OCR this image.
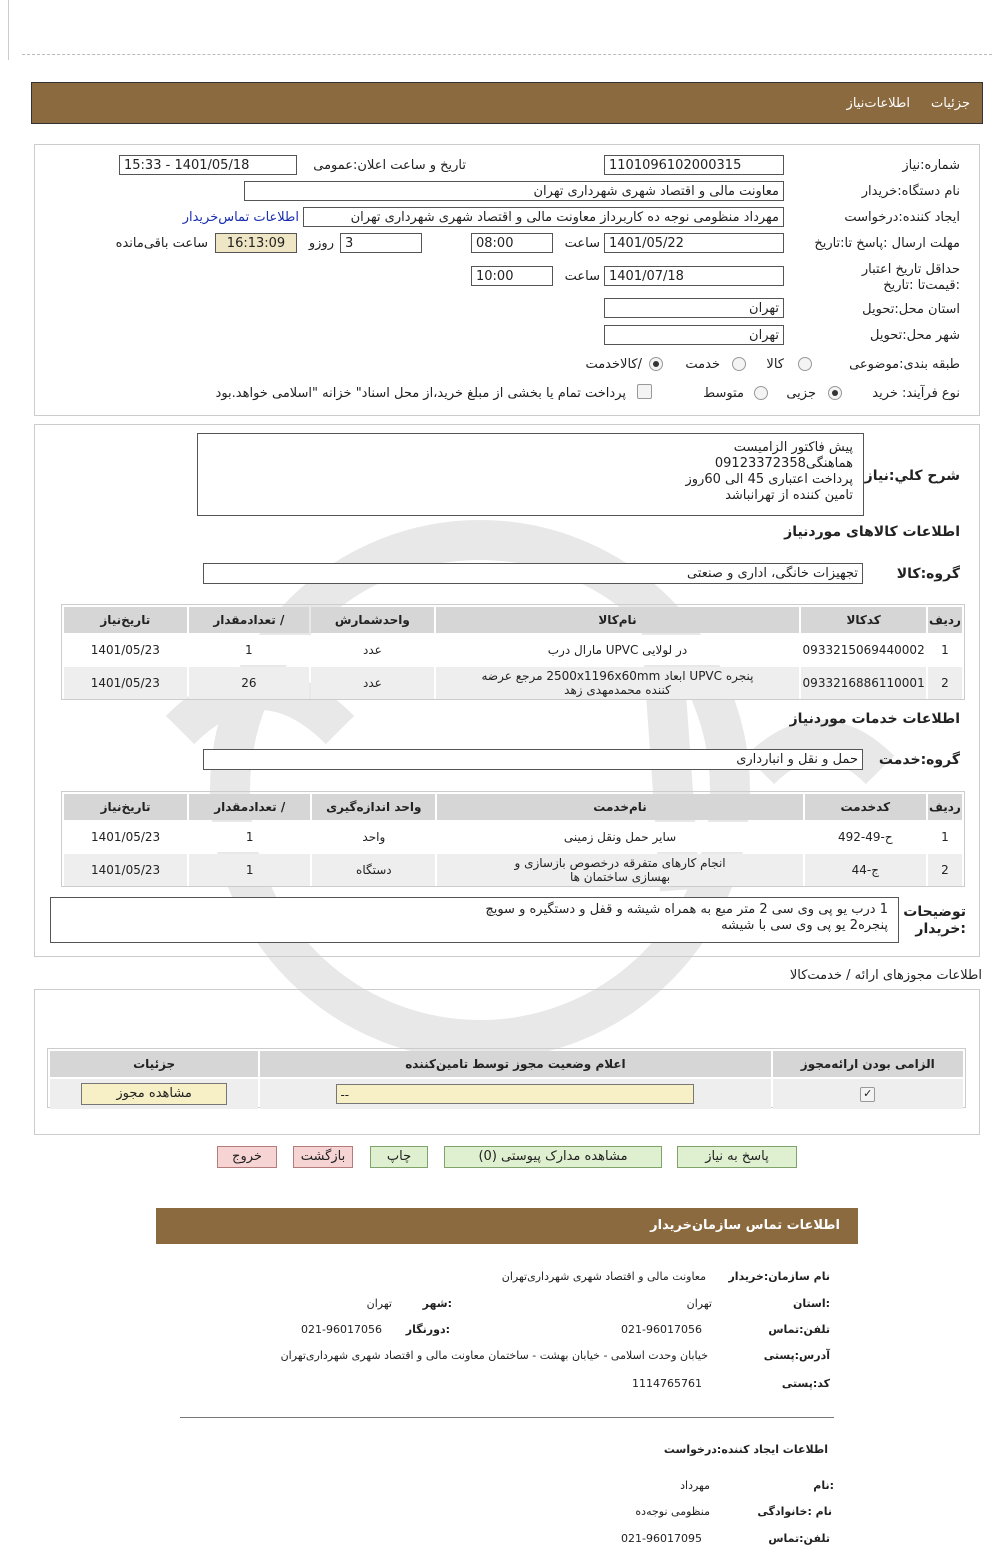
جزئیات
اطلاعات‌نیاز
شماره:نیاز
1101096102000315
تاریخ و ساعت اعلان:عمومی
1401/05/18 - 15:33
نام دستگاه:خریدار
معاونت مالی و اقتصاد شهری شهرداری تهران
ایجاد کننده:درخواست
مهرداد منظومی نوجه ده کاربرداز معاونت مالی و اقتصاد شهری شهرداری تهران
اطلاعات تماس‌خریدار
مهلت ارسال :پاسخ تا:تاریخ
1401/05/22
ساعت
08:00
3
روزو
16:13:09
ساعت باقی‌مانده
حداقل تاریخ اعتبار :قیمت‌تا :تاریخ
1401/07/18
ساعت
10:00
استان محل:تحویل
تهران
شهر محل:تحویل
تهران
طبقه بندی:موضوعی
کالا
خدمت
/کالاخدمت
نوع فرآیند: خرید
جزیی
متوسط
پرداخت تمام یا بخشی از مبلغ خرید،از محل اسناد" خزانه "اسلامی خواهد.بود
شرح کلي:نیاز
پیش فاکتور الزامیست
هماهنگی09123372358
پرداخت اعتباری 45 الی 60روز
تامین کننده از تهرانباشد
اطلاعات کالاهای مورد‌نیاز
گروه:کالا
تجهیزات خانگی، اداری و صنعتی
ردیف	کدکالا	نام‌کالا	واحدشمارش	/ تعدادمقدار	تاریخ‌نیاز
1	0933215069440002	در لولایی UPVC مارال درب	عدد	1	1401/05/23
2	0933216886110001	پنجره UPVC ابعاد 2500x1196x60mm مرجع عرضه کننده محمدمهدی زهد	عدد	26	1401/05/23
اطلاعات خدمات مورد‌نیاز
گروه:خدمت
حمل و نقل و انبارداری
ردیف	کدخدمت	نام‌خدمت	واحد اندازه‌گیری	/ تعدادمقدار	تاریخ‌نیاز
1	ح-49-492	سایر حمل ونقل زمینی	واحد	1	1401/05/23
2	ج-44	انجام کارهای متفرقه درخصوص بازسازی و بهسازی ساختمان ها	دستگاه	1	1401/05/23
توضیحات :خریدار
1 درب یو پی وی سی 2 متر مبع به همراه شیشه و قفل و دستگیره و سویچ
پنجره2 یو پی وی سی با شیشه
اطلاعات مجوزهای ارائه / خدمت‌کالا
الزامی بودن ارائه‌مجوز	اعلام وضعیت مجوز توسط تامین‌کننده	جزئیات
✓	--	مشاهده مجوز
پاسخ به نیاز
مشاهده مدارک پیوستی (0)
چاپ
بازگشت
خروج
اطلاعات تماس سازمان‌خریدار
نام سازمان:خریدار
معاونت مالی و اقتصاد شهری شهرداری‌تهران
:استان
تهران
:شهر
تهران
تلفن:تماس
021-96017056
:دورنگار
021-96017056
آدرس:پستی
خیابان وحدت اسلامی - خیابان بهشت - ساختمان معاونت مالی و اقتصاد شهری شهرداری‌تهران
کد:پستی
1114765761
اطلاعات ایجاد کننده:درخواست
:نام
مهرداد
نام :خانوادگی
منظومی نوجه‌ده
تلفن:تماس
021-96017095
